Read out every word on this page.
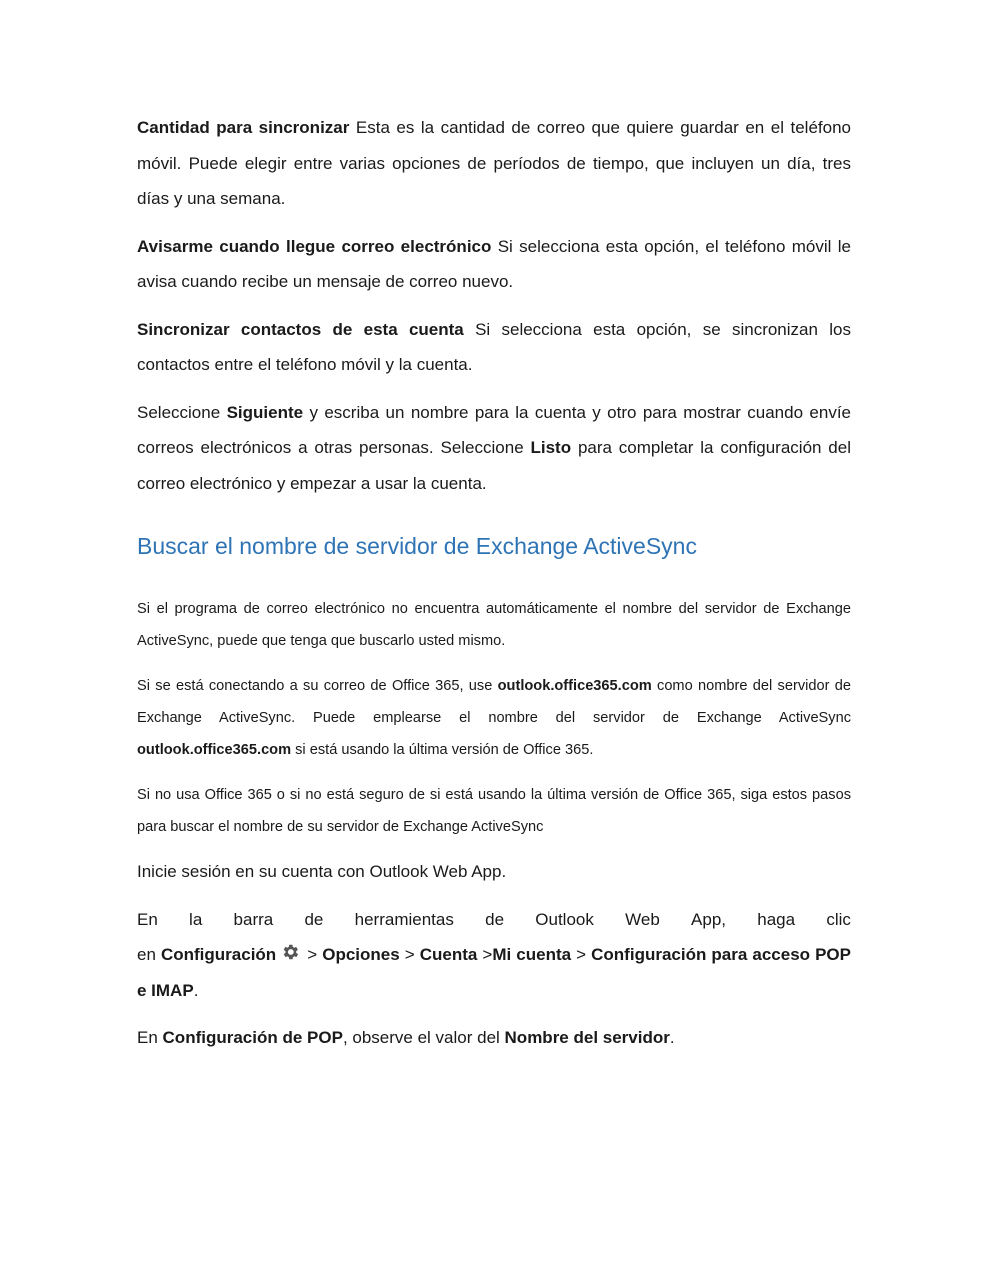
Cantidad para sincronizar Esta es la cantidad de correo que quiere guardar en el teléfono móvil. Puede elegir entre varias opciones de períodos de tiempo, que incluyen un día, tres días y una semana.

Avisarme cuando llegue correo electrónico Si selecciona esta opción, el teléfono móvil le avisa cuando recibe un mensaje de correo nuevo.

Sincronizar contactos de esta cuenta Si selecciona esta opción, se sincronizan los contactos entre el teléfono móvil y la cuenta.

Seleccione Siguiente y escriba un nombre para la cuenta y otro para mostrar cuando envíe correos electrónicos a otras personas. Seleccione Listo para completar la configuración del correo electrónico y empezar a usar la cuenta.

Buscar el nombre de servidor de Exchange ActiveSync

Si el programa de correo electrónico no encuentra automáticamente el nombre del servidor de Exchange ActiveSync, puede que tenga que buscarlo usted mismo.

Si se está conectando a su correo de Office 365, use outlook.office365.com como nombre del servidor de Exchange ActiveSync. Puede emplearse el nombre del servidor de Exchange ActiveSync outlook.office365.com si está usando la última versión de Office 365.

Si no usa Office 365 o si no está seguro de si está usando la última versión de Office 365, siga estos pasos para buscar el nombre de su servidor de Exchange ActiveSync

Inicie sesión en su cuenta con Outlook Web App.

En la barra de herramientas de Outlook Web App, haga clic

en Configuración > Opciones > Cuenta >Mi cuenta > Configuración para acceso POP e IMAP.

En Configuración de POP, observe el valor del Nombre del servidor.
